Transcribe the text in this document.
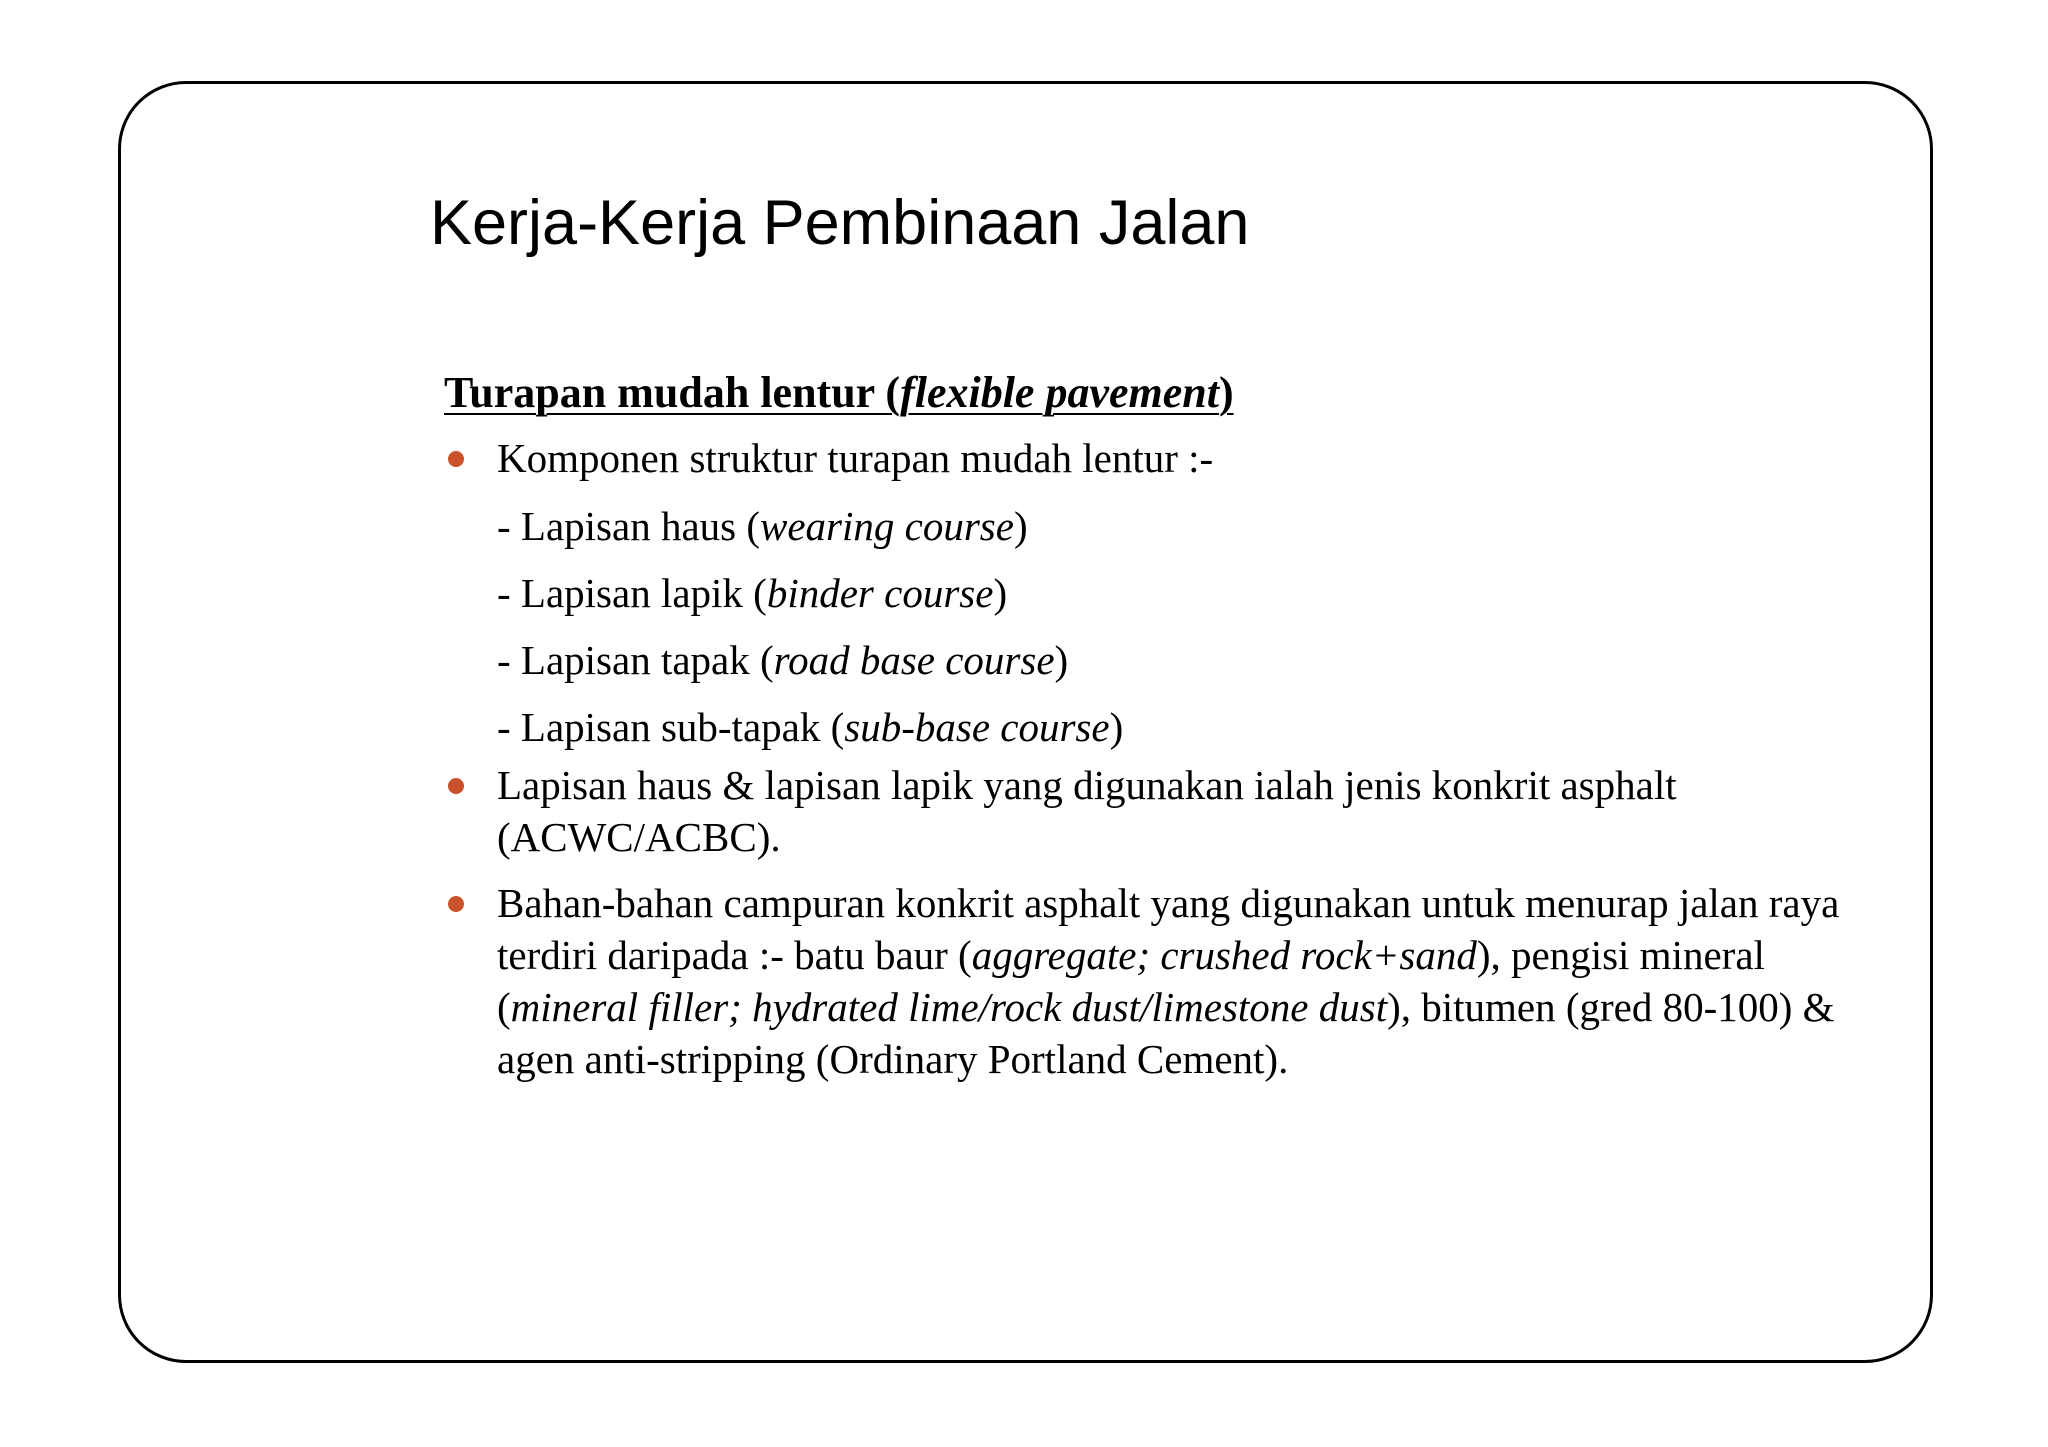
Kerja-Kerja Pembinaan Jalan
Turapan mudah lentur (flexible pavement)
Komponen struktur turapan mudah lentur :-
- Lapisan haus (wearing course)
- Lapisan lapik (binder course)
- Lapisan tapak (road base course)
- Lapisan sub-tapak (sub-base course)
Lapisan haus & lapisan lapik yang digunakan ialah jenis konkrit asphalt (ACWC/ACBC).
Bahan-bahan campuran konkrit asphalt yang digunakan untuk menurap jalan raya terdiri daripada :- batu baur (aggregate; crushed rock+sand), pengisi mineral (mineral filler; hydrated lime/rock dust/limestone dust), bitumen (gred 80-100) & agen anti-stripping (Ordinary Portland Cement).
